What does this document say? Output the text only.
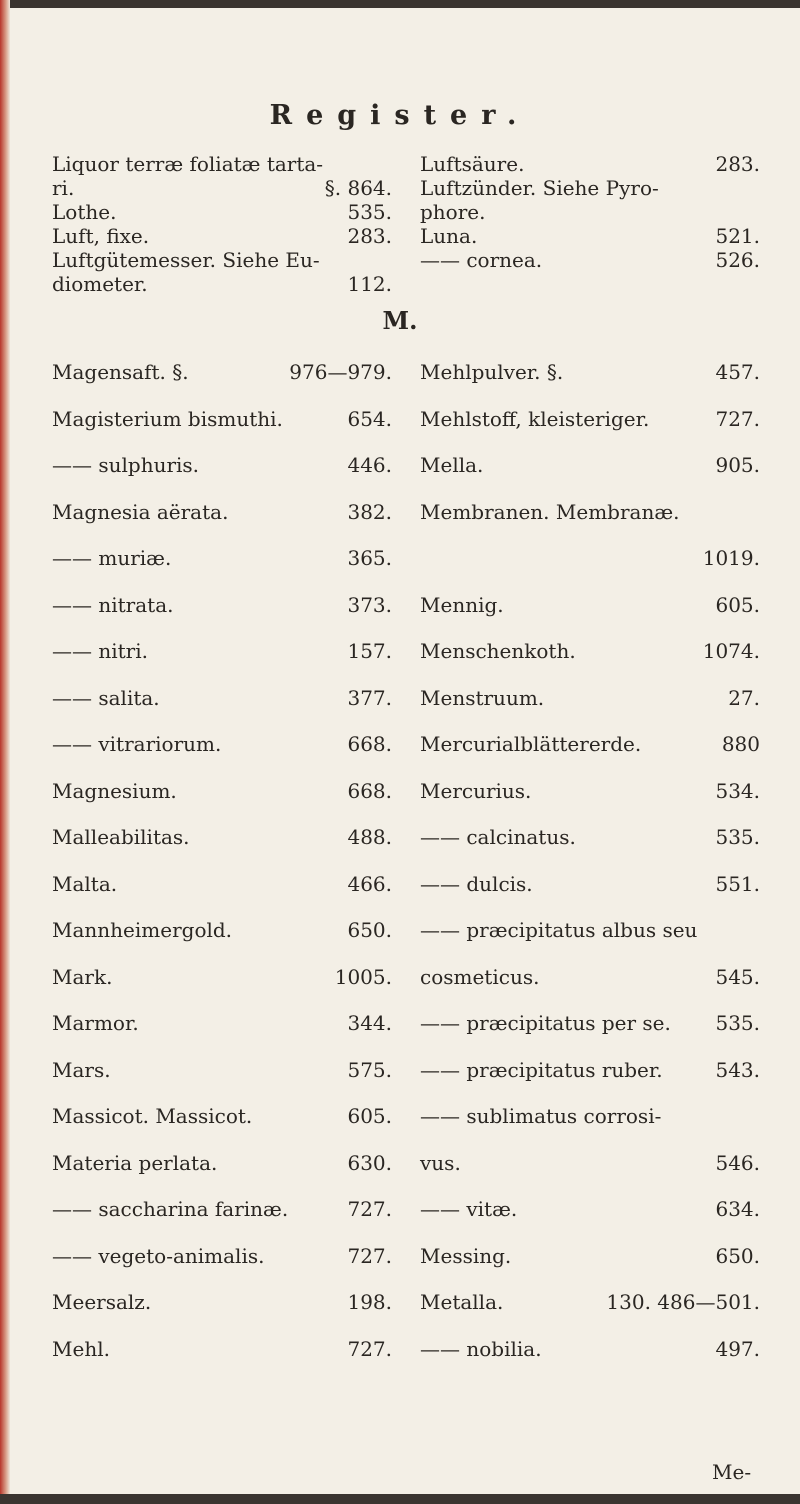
Register.
Liquor terræ foliatæ tarta-
ri.	§. 864.
Lothe.	535.
Luft, fixe.	283.
Luftgütemesser. Siehe Eu-
diometer.	112.
Luftsäure.	283.
Luftzünder. Siehe Pyro-
phore.
Luna.	521.
—— cornea.	526.
M.
Magensaft. §.	976—979.
Magisterium bismuthi.	654.
—— sulphuris.	446.
Magnesia aërata.	382.
—— muriæ.	365.
—— nitrata.	373.
—— nitri.	157.
—— salita.	377.
—— vitrariorum.	668.
Magnesium.	668.
Malleabilitas.	488.
Malta.	466.
Mannheimergold.	650.
Mark.	1005.
Marmor.	344.
Mars.	575.
Massicot. Massicot.	605.
Materia perlata.	630.
—— saccharina farinæ.	727.
—— vegeto-animalis.	727.
Meersalz.	198.
Mehl.	727.
Mehlpulver. §.	457.
Mehlstoff, kleisteriger.	727.
Mella.	905.
Membranen. Membranæ.
1019.
Mennig.	605.
Menschenkoth.	1074.
Menstruum.	27.
Mercurialblättererde.	880
Mercurius.	534.
—— calcinatus.	535.
—— dulcis.	551.
—— præcipitatus albus seu
cosmeticus.	545.
—— præcipitatus per se. 535.
—— præcipitatus ruber.	543.
—— sublimatus corrosi-
vus.	546.
—— vitæ.	634.
Messing.	650.
Metalla.	130. 486—501.
—— nobilia.	497.
Me-
